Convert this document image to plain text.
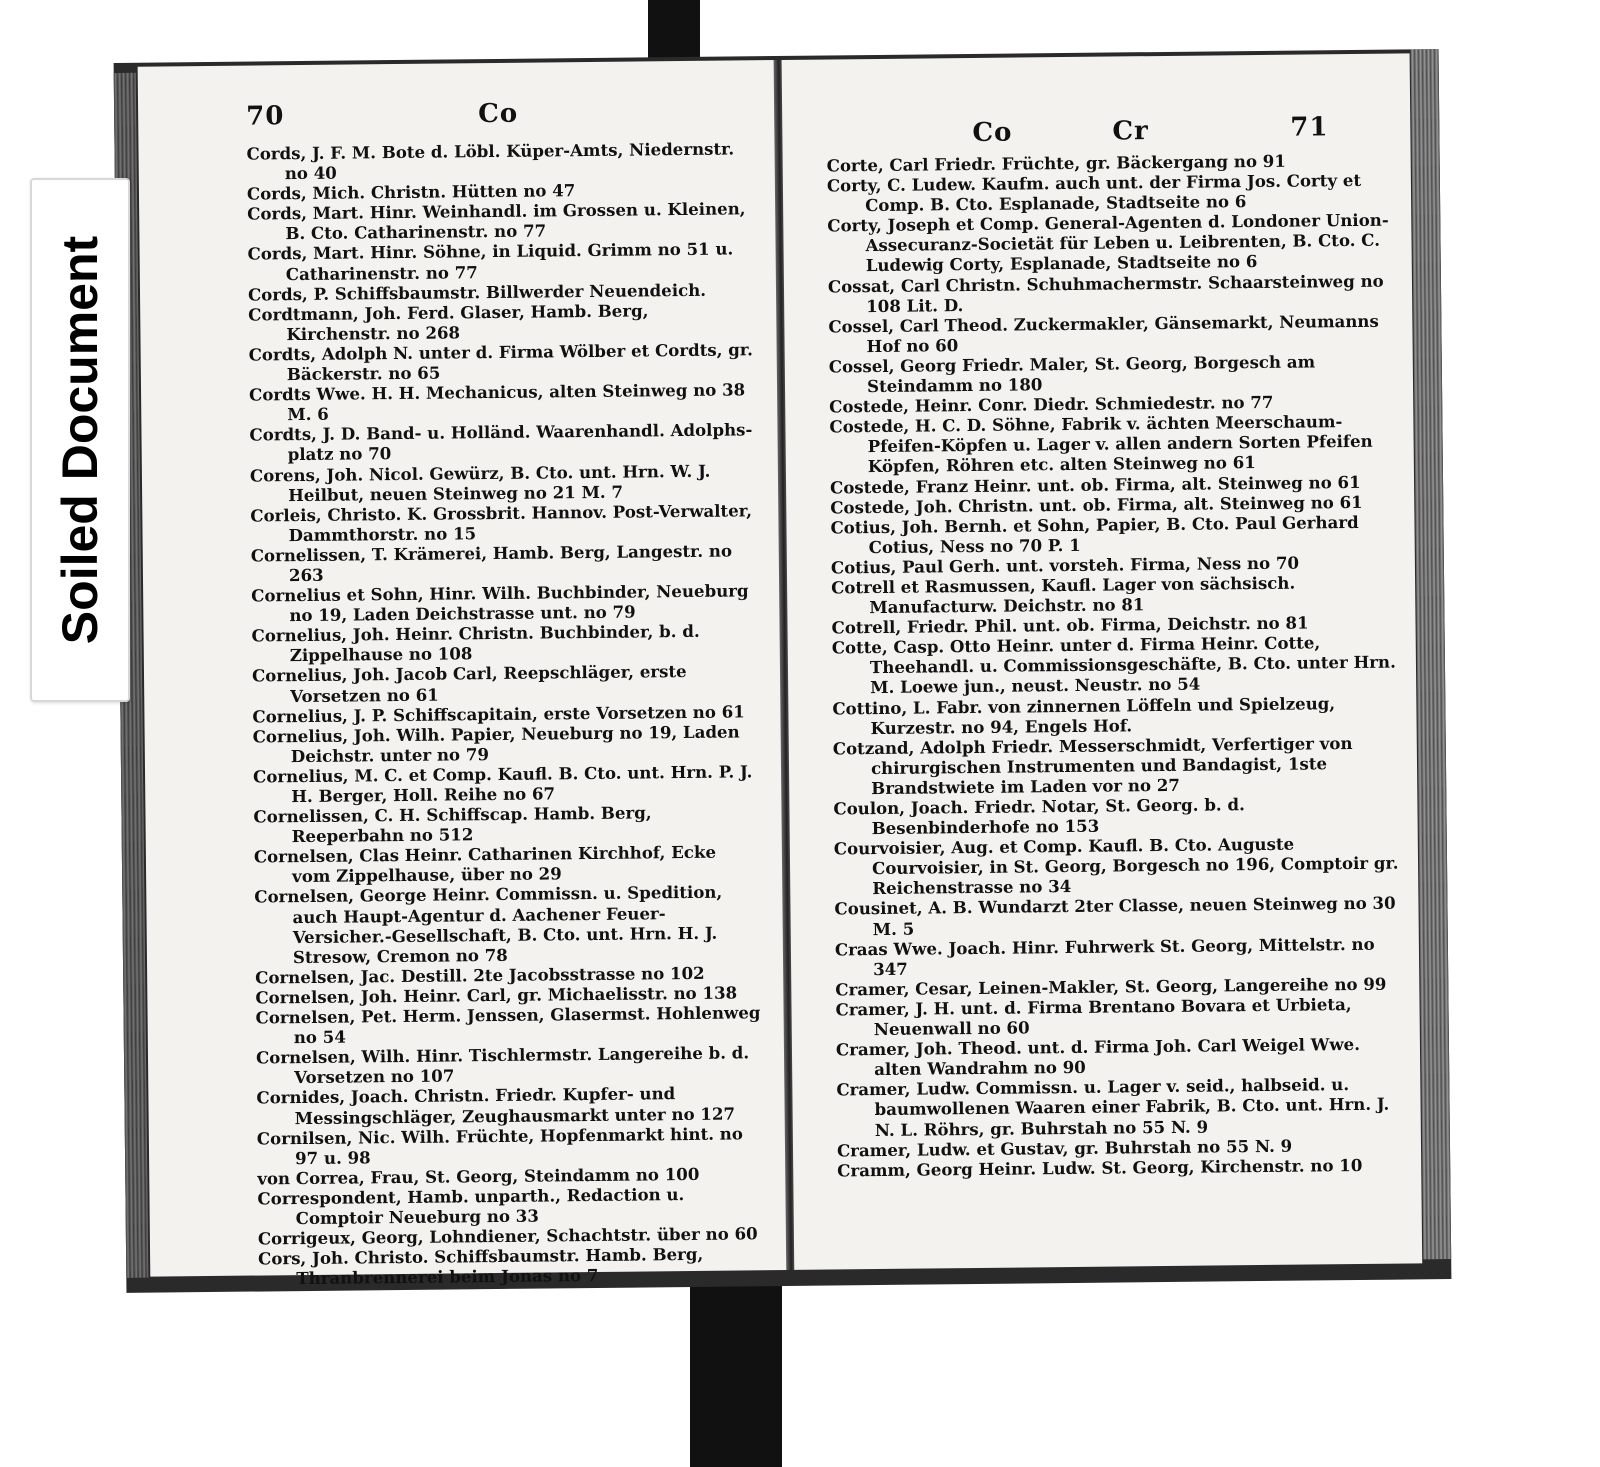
70	Co
Cords, J. F. M. Bote d. Löbl. Küper-Amts, Niedernstr. no 40
Cords, Mich. Christn. Hütten no 47
Cords, Mart. Hinr. Weinhandl. im Grossen u. Kleinen, B. Cto. Catharinenstr. no 77
Cords, Mart. Hinr. Söhne, in Liquid. Grimm no 51 u. Catharinenstr. no 77
Cords, P. Schiffsbaumstr. Billwerder Neuendeich.
Cordtmann, Joh. Ferd. Glaser, Hamb. Berg, Kirchenstr. no 268
Cordts, Adolph N. unter d. Firma Wölber et Cordts, gr. Bäckerstr. no 65
Cordts Wwe. H. H. Mechanicus, alten Steinweg no 38 M. 6
Cordts, J. D. Band- u. Holländ. Waarenhandl. Adolphs-platz no 70
Corens, Joh. Nicol. Gewürz, B. Cto. unt. Hrn. W. J. Heilbut, neuen Steinweg no 21 M. 7
Corleis, Christo. K. Grossbrit. Hannov. Post-Verwalter, Dammthorstr. no 15
Cornelissen, T. Krämerei, Hamb. Berg, Langestr. no 263
Cornelius et Sohn, Hinr. Wilh. Buchbinder, Neueburg no 19, Laden Deichstrasse unt. no 79
Cornelius, Joh. Heinr. Christn. Buchbinder, b. d. Zippelhause no 108
Cornelius, Joh. Jacob Carl, Reepschläger, erste Vorsetzen no 61
Cornelius, J. P. Schiffscapitain, erste Vorsetzen no 61
Cornelius, Joh. Wilh. Papier, Neueburg no 19, Laden Deichstr. unter no 79
Cornelius, M. C. et Comp. Kaufl. B. Cto. unt. Hrn. P. J. H. Berger, Holl. Reihe no 67
Cornelissen, C. H. Schiffscap. Hamb. Berg, Reeperbahn no 512
Cornelsen, Clas Heinr. Catharinen Kirchhof, Ecke vom Zippelhause, über no 29
Cornelsen, George Heinr. Commissn. u. Spedition, auch Haupt-Agentur d. Aachener Feuer-Versicher.-Gesellschaft, B. Cto. unt. Hrn. H. J. Stresow, Cremon no 78
Cornelsen, Jac. Destill. 2te Jacobsstrasse no 102
Cornelsen, Joh. Heinr. Carl, gr. Michaelisstr. no 138
Cornelsen, Pet. Herm. Jenssen, Glasermst. Hohlenweg no 54
Cornelsen, Wilh. Hinr. Tischlermstr. Langereihe b. d. Vorsetzen no 107
Cornides, Joach. Christn. Friedr. Kupfer- und Messingschläger, Zeughausmarkt unter no 127
Cornilsen, Nic. Wilh. Früchte, Hopfenmarkt hint. no 97 u. 98
von Correa, Frau, St. Georg, Steindamm no 100
Correspondent, Hamb. unparth., Redaction u. Comptoir Neueburg no 33
Corrigeux, Georg, Lohndiener, Schachtstr. über no 60
Cors, Joh. Christo. Schiffsbaumstr. Hamb. Berg, Thranbrennerei beim Jonas no 7
Co	Cr	71
Corte, Carl Friedr. Früchte, gr. Bäckergang no 91
Corty, C. Ludew. Kaufm. auch unt. der Firma Jos. Corty et Comp. B. Cto. Esplanade, Stadtseite no 6
Corty, Joseph et Comp. General-Agenten d. Londoner Union-Assecuranz-Societät für Leben u. Leibrenten, B. Cto. C. Ludewig Corty, Esplanade, Stadtseite no 6
Cossat, Carl Christn. Schuhmachermstr. Schaarsteinweg no 108 Lit. D.
Cossel, Carl Theod. Zuckermakler, Gänsemarkt, Neumanns Hof no 60
Cossel, Georg Friedr. Maler, St. Georg, Borgesch am Steindamm no 180
Costede, Heinr. Conr. Diedr. Schmiedestr. no 77
Costede, H. C. D. Söhne, Fabrik v. ächten Meerschaum-Pfeifen-Köpfen u. Lager v. allen andern Sorten Pfeifen Köpfen, Röhren etc. alten Steinweg no 61
Costede, Franz Heinr. unt. ob. Firma, alt. Steinweg no 61
Costede, Joh. Christn. unt. ob. Firma, alt. Steinweg no 61
Cotius, Joh. Bernh. et Sohn, Papier, B. Cto. Paul Gerhard Cotius, Ness no 70 P. 1
Cotius, Paul Gerh. unt. vorsteh. Firma, Ness no 70
Cotrell et Rasmussen, Kaufl. Lager von sächsisch. Manufacturw. Deichstr. no 81
Cotrell, Friedr. Phil. unt. ob. Firma, Deichstr. no 81
Cotte, Casp. Otto Heinr. unter d. Firma Heinr. Cotte, Theehandl. u. Commissionsgeschäfte, B. Cto. unter Hrn. M. Loewe jun., neust. Neustr. no 54
Cottino, L. Fabr. von zinnernen Löffeln und Spielzeug, Kurzestr. no 94, Engels Hof.
Cotzand, Adolph Friedr. Messerschmidt, Verfertiger von chirurgischen Instrumenten und Bandagist, 1ste Brandstwiete im Laden vor no 27
Coulon, Joach. Friedr. Notar, St. Georg. b. d. Besenbinderhofe no 153
Courvoisier, Aug. et Comp. Kaufl. B. Cto. Auguste Courvoisier, in St. Georg, Borgesch no 196, Comptoir gr. Reichenstrasse no 34
Cousinet, A. B. Wundarzt 2ter Classe, neuen Steinweg no 30 M. 5
Craas Wwe. Joach. Hinr. Fuhrwerk St. Georg, Mittelstr. no 347
Cramer, Cesar, Leinen-Makler, St. Georg, Langereihe no 99
Cramer, J. H. unt. d. Firma Brentano Bovara et Urbieta, Neuenwall no 60
Cramer, Joh. Theod. unt. d. Firma Joh. Carl Weigel Wwe. alten Wandrahm no 90
Cramer, Ludw. Commissn. u. Lager v. seid., halbseid. u. baumwollenen Waaren einer Fabrik, B. Cto. unt. Hrn. J. N. L. Röhrs, gr. Buhrstah no 55 N. 9
Cramer, Ludw. et Gustav, gr. Buhrstah no 55 N. 9
Cramm, Georg Heinr. Ludw. St. Georg, Kirchenstr. no 10
Soiled Document
